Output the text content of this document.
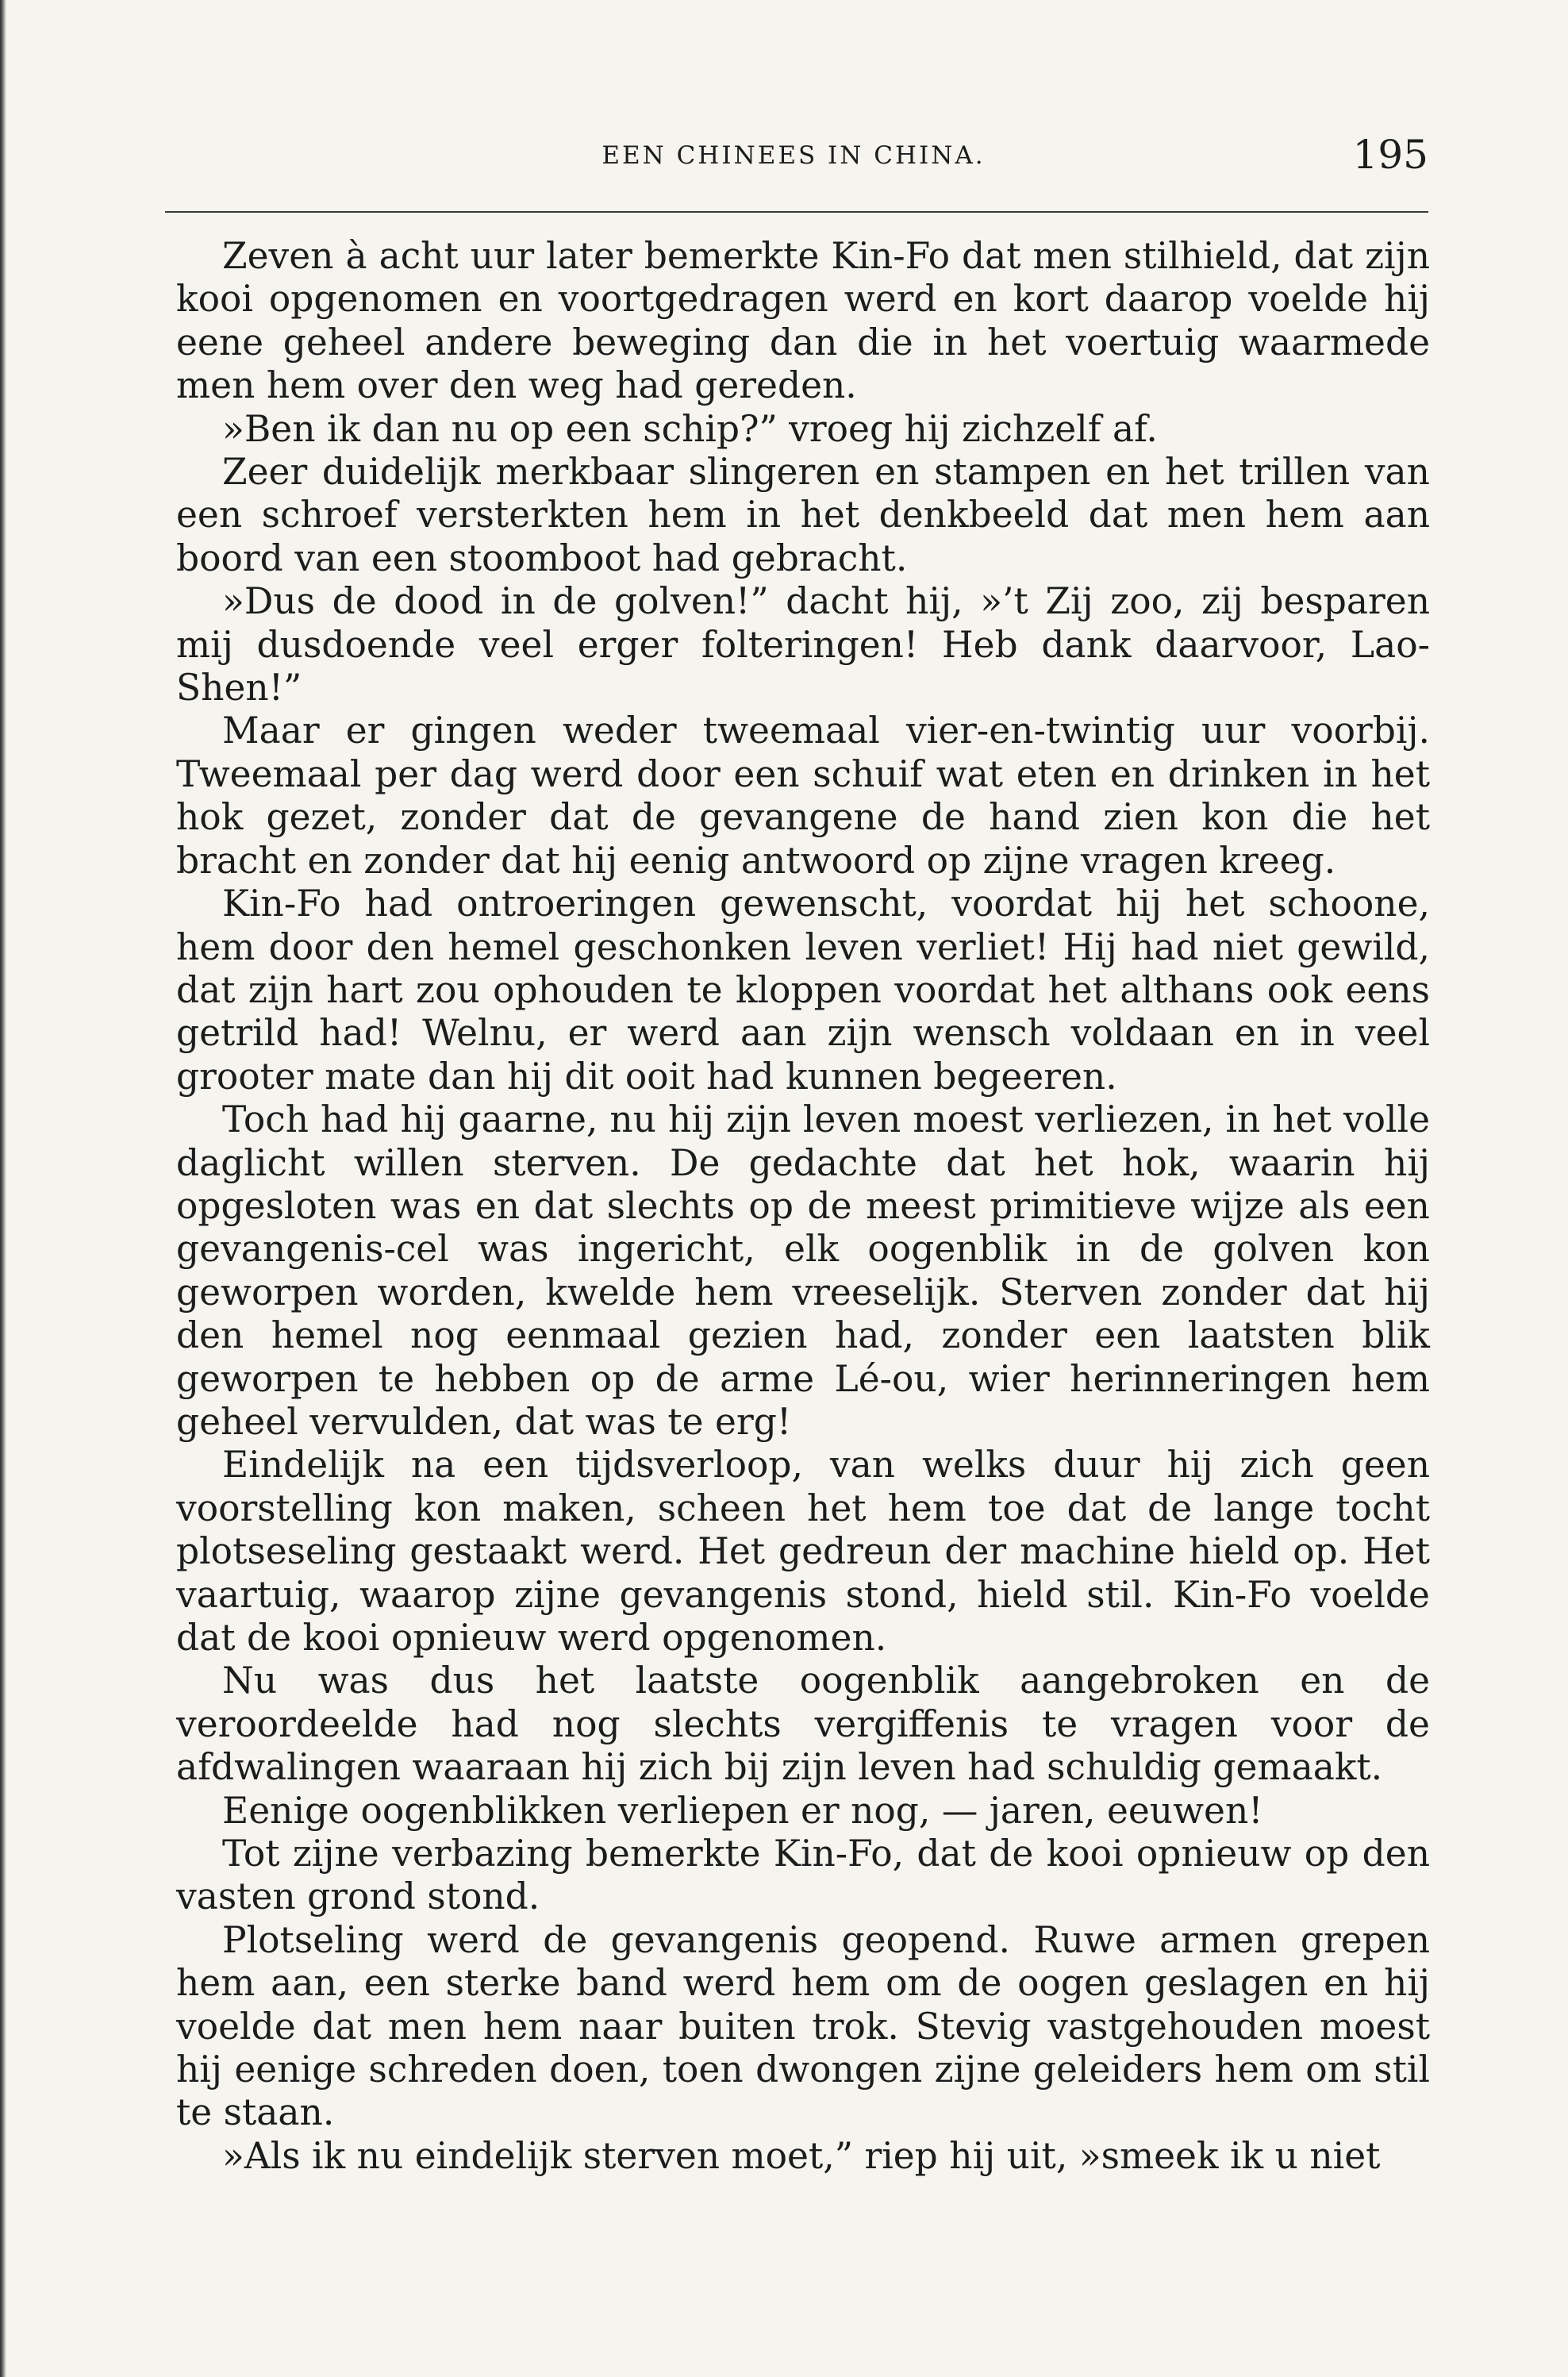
EEN CHINEES IN CHINA.	195

Zeven à acht uur later bemerkte Kin-Fo dat men stilhield, dat zijn kooi opgenomen en voortgedragen werd en kort daarop voelde hij eene geheel andere beweging dan die in het voertuig waarmede men hem over den weg had gereden.

»Ben ik dan nu op een schip?” vroeg hij zichzelf af.

Zeer duidelijk merkbaar slingeren en stampen en het trillen van een schroef versterkten hem in het denkbeeld dat men hem aan boord van een stoomboot had gebracht.

»Dus de dood in de golven!” dacht hij, »’t Zij zoo, zij besparen mij dusdoende veel erger folteringen! Heb dank daarvoor, Lao-Shen!”

Maar er gingen weder tweemaal vier-en-twintig uur voorbij. Tweemaal per dag werd door een schuif wat eten en drinken in het hok gezet, zonder dat de gevangene de hand zien kon die het bracht en zonder dat hij eenig antwoord op zijne vragen kreeg.

Kin-Fo had ontroeringen gewenscht, voordat hij het schoone, hem door den hemel geschonken leven verliet! Hij had niet gewild, dat zijn hart zou ophouden te kloppen voordat het althans ook eens getrild had! Welnu, er werd aan zijn wensch voldaan en in veel grooter mate dan hij dit ooit had kunnen begeeren.

Toch had hij gaarne, nu hij zijn leven moest verliezen, in het volle daglicht willen sterven. De gedachte dat het hok, waarin hij opgesloten was en dat slechts op de meest primitieve wijze als een gevangenis-cel was ingericht, elk oogenblik in de golven kon geworpen worden, kwelde hem vreeselijk. Sterven zonder dat hij den hemel nog eenmaal gezien had, zonder een laatsten blik geworpen te hebben op de arme Lé-ou, wier herinneringen hem geheel vervulden, dat was te erg!

Eindelijk na een tijdsverloop, van welks duur hij zich geen voorstelling kon maken, scheen het hem toe dat de lange tocht plotseseling gestaakt werd. Het gedreun der machine hield op. Het vaartuig, waarop zijne gevangenis stond, hield stil. Kin-Fo voelde dat de kooi opnieuw werd opgenomen.

Nu was dus het laatste oogenblik aangebroken en de veroordeelde had nog slechts vergiffenis te vragen voor de afdwalingen waaraan hij zich bij zijn leven had schuldig gemaakt.

Eenige oogenblikken verliepen er nog, — jaren, eeuwen!

Tot zijne verbazing bemerkte Kin-Fo, dat de kooi opnieuw op den vasten grond stond.

Plotseling werd de gevangenis geopend. Ruwe armen grepen hem aan, een sterke band werd hem om de oogen geslagen en hij voelde dat men hem naar buiten trok. Stevig vastgehouden moest hij eenige schreden doen, toen dwongen zijne geleiders hem om stil te staan.

»Als ik nu eindelijk sterven moet,” riep hij uit, »smeek ik u niet
